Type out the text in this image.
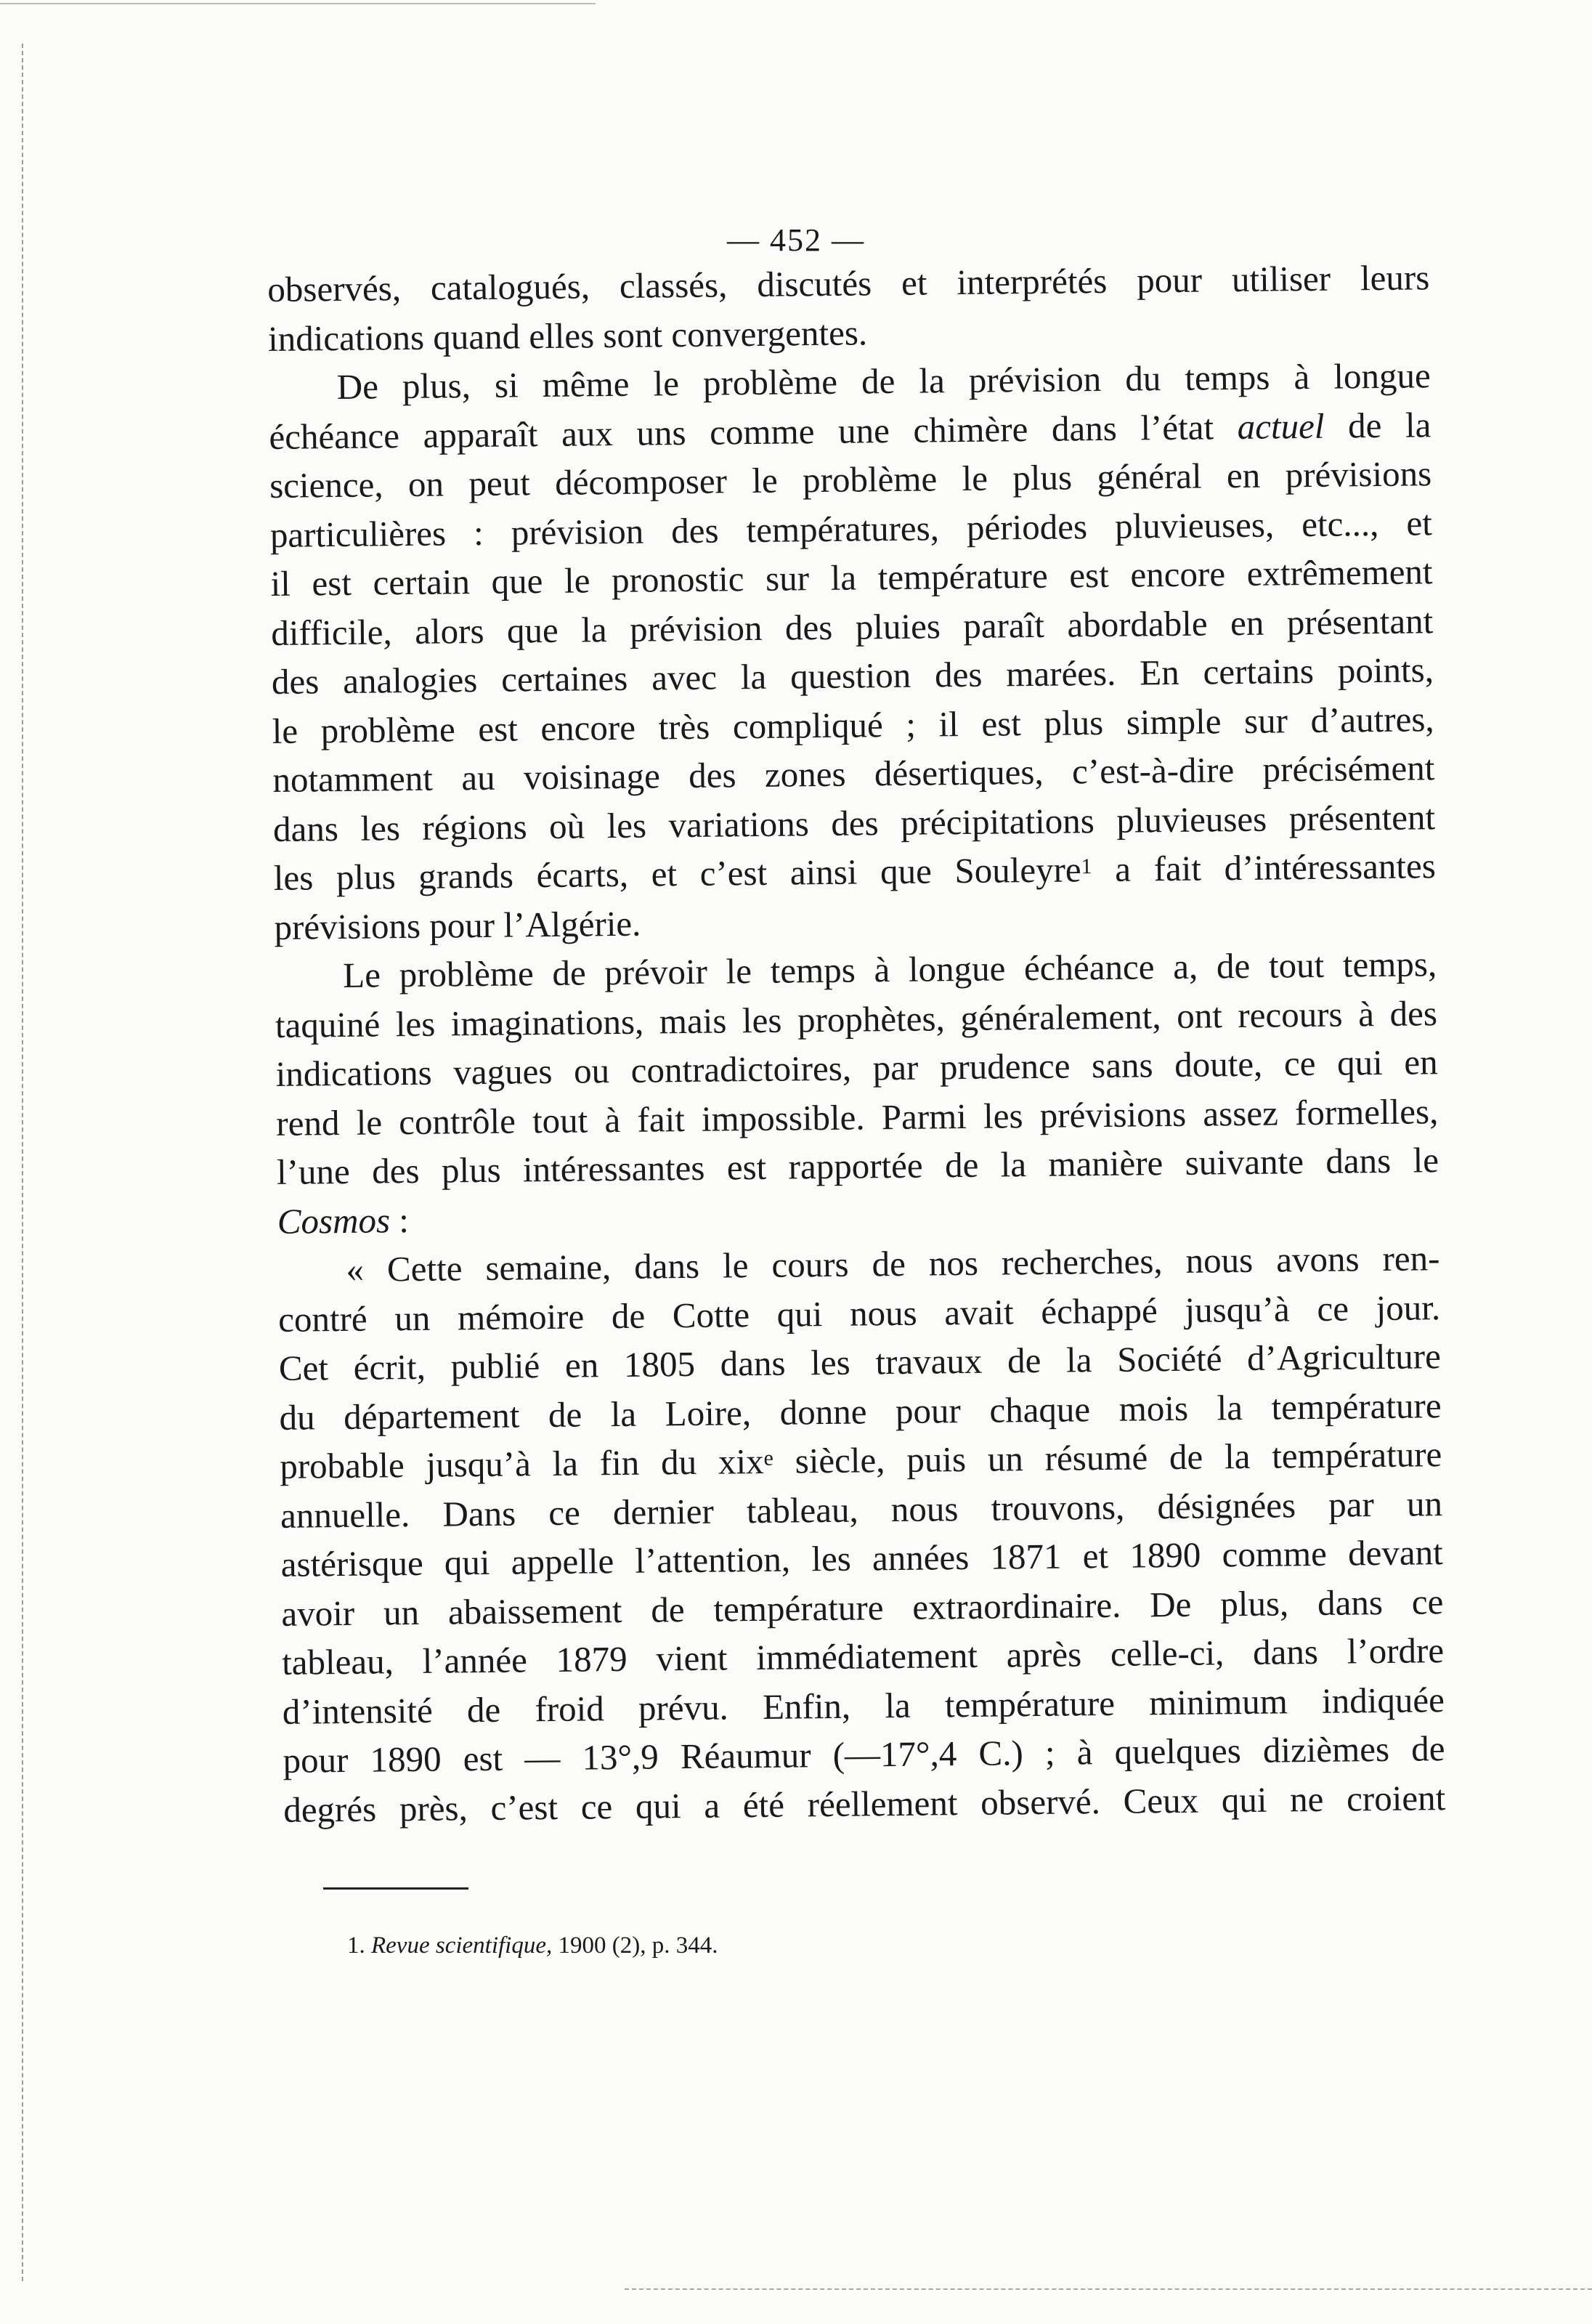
— 452 —
observés, catalogués, classés, discutés et interprétés pour utiliser leurs
indications quand elles sont convergentes.
De plus, si même le problème de la prévision du temps à longue
échéance apparaît aux uns comme une chimère dans l’état actuel de la
science, on peut décomposer le problème le plus général en prévisions
particulières : prévision des températures, périodes pluvieuses, etc..., et
il est certain que le pronostic sur la température est encore extrêmement
difficile, alors que la prévision des pluies paraît abordable en présentant
des analogies certaines avec la question des marées. En certains points,
le problème est encore très compliqué ; il est plus simple sur d’autres,
notamment au voisinage des zones désertiques, c’est-à-dire précisément
dans les régions où les variations des précipitations pluvieuses présentent
les plus grands écarts, et c’est ainsi que Souleyre$^1$ a fait d’intéressantes
prévisions pour l’Algérie.
Le problème de prévoir le temps à longue échéance a, de tout temps,
taquiné les imaginations, mais les prophètes, généralement, ont recours à des
indications vagues ou contradictoires, par prudence sans doute, ce qui en
rend le contrôle tout à fait impossible. Parmi les prévisions assez formelles,
l’une des plus intéressantes est rapportée de la manière suivante dans le
Cosmos :
« Cette semaine, dans le cours de nos recherches, nous avons ren-
contré un mémoire de Cotte qui nous avait échappé jusqu’à ce jour.
Cet écrit, publié en 1805 dans les travaux de la Société d’Agriculture
du département de la Loire, donne pour chaque mois la température
probable jusqu’à la fin du xix$^e$ siècle, puis un résumé de la température
annuelle. Dans ce dernier tableau, nous trouvons, désignées par un
astérisque qui appelle l’attention, les années 1871 et 1890 comme devant
avoir un abaissement de température extraordinaire. De plus, dans ce
tableau, l’année 1879 vient immédiatement après celle-ci, dans l’ordre
d’intensité de froid prévu. Enfin, la température minimum indiquée
pour 1890 est — 13°,9 Réaumur (—17°,4 C.) ; à quelques dizièmes de
degrés près, c’est ce qui a été réellement observé. Ceux qui ne croient
1. Revue scientifique, 1900 (2), p. 344.
